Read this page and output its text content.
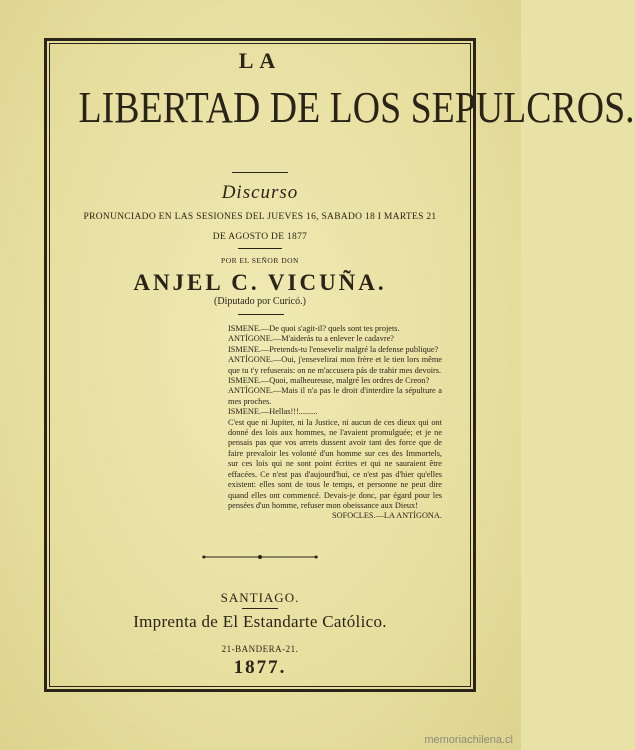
LA
LIBERTAD DE LOS SEPULCROS.
Discurso
PRONUNCIADO EN LAS SESIONES DEL JUEVES 16, SABADO 18 I MARTES 21
DE AGOSTO DE 1877
POR EL SEÑOR DON
ANJEL C. VICUÑA.
(Diputado por Curicó.)

ISMENE.—De quoi s'agit-il? quels sont tes projets.

ANTÍGONE.—M'aiderás tu a enlever le cadavre?

ISMENE.—Pretends-tu l'ensevelir malgré la defense publique?

ANTÍGONE.—Oui, j'ensevelirai mon frère et le tien lors même que tu t'y refuserais: on ne m'accusera pás de trahir mes devoirs.

ISMENE.—Quoi, malheureuse, malgré les ordres de Creon?

ANTÍGONE.—Mais il n'a pas le droit d'interdire la sépulture a mes proches.

ISMENE.—Hellas!!!.........

C'est que ni Jupiter, ni la Justice, ni aucun de ces dieux qui ont donné des lois aux hommes, ne l'avaient promulguée; et je ne pensais pas que vos arrets dussent avoir tant des force que de faire prevaloir les volonté d'un homme sur ces des Immortels, sur ces lois qui ne sont point écrites et qui ne sauraient être effacées. Ce n'est pas d'aujourd'hui, ce n'est pas d'hier qu'elles existent: elles sont de tous le temps, et personne ne peut dire quand elles ont commencé. Devais-je donc, par égard pour les pensées d'un homme, refuser mon obeissance aux Dieux!

SOFOCLES.—LA ANTÍGONA.

SANTIAGO.
Imprenta de El Estandarte Católico.
21-BANDERA-21.
1877.
memoriachilena.cl
